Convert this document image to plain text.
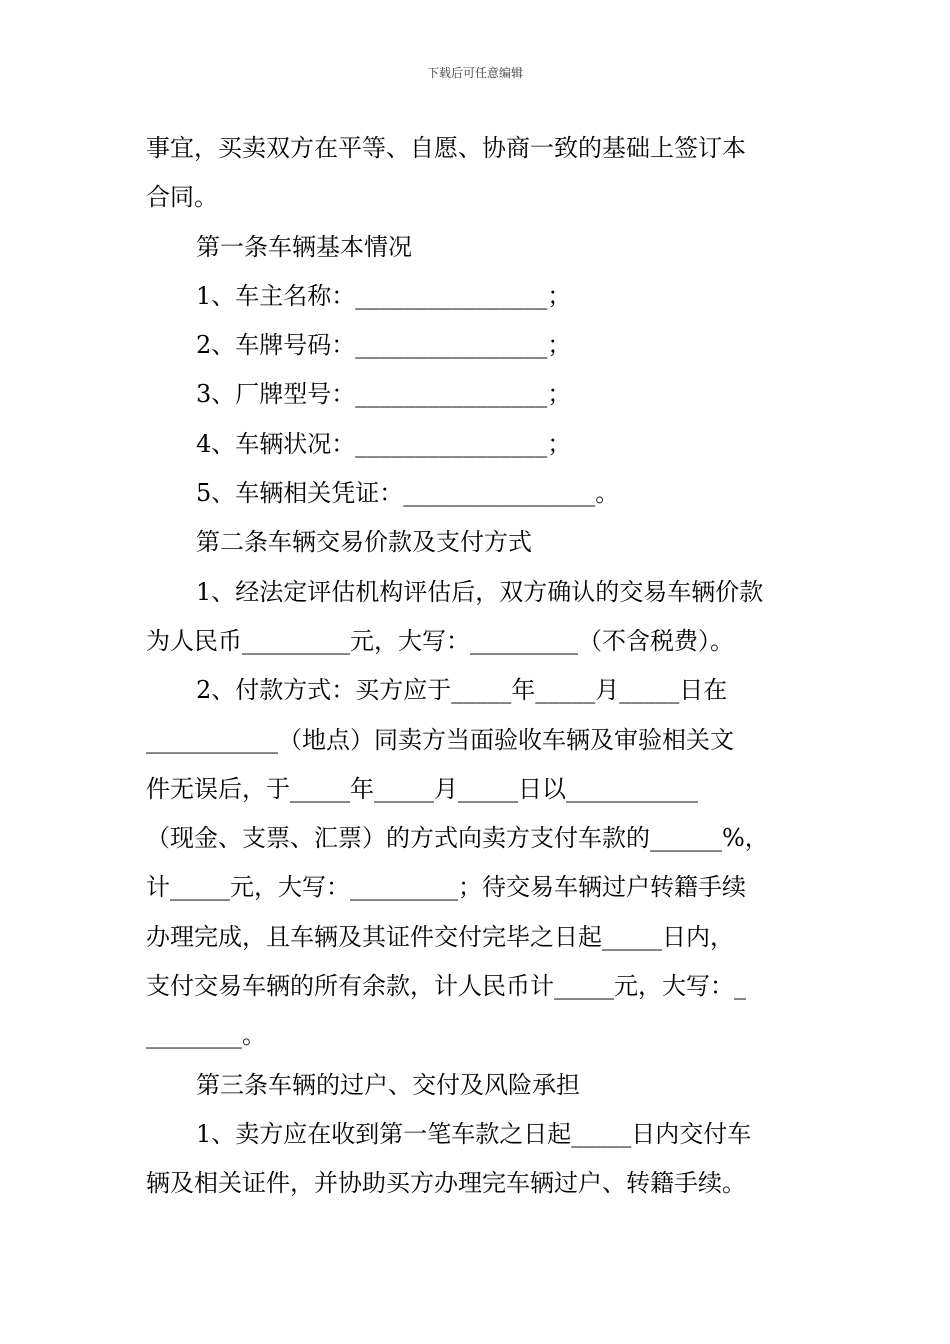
下载后可任意编辑
事宜，买卖双方在平等、自愿、协商一致的基础上签订本
合同。
第一条车辆基本情况
1、车主名称：________________；
2、车牌号码：________________；
3、厂牌型号：________________；
4、车辆状况：________________；
5、车辆相关凭证：________________。
第二条车辆交易价款及支付方式
1、经法定评估机构评估后，双方确认的交易车辆价款
为人民币_________元，大写：_________（不含税费）。
2、付款方式：买方应于_____年_____月_____日在
___________（地点）同卖方当面验收车辆及审验相关文
件无误后，于_____年_____月_____日以___________
（现金、支票、汇票）的方式向卖方支付车款的______%，
计_____元，大写：_________；待交易车辆过户转籍手续
办理完成，且车辆及其证件交付完毕之日起_____日内，
支付交易车辆的所有余款，计人民币计_____元，大写：_
________。
第三条车辆的过户、交付及风险承担
1、卖方应在收到第一笔车款之日起_____日内交付车
辆及相关证件，并协助买方办理完车辆过户、转籍手续。
